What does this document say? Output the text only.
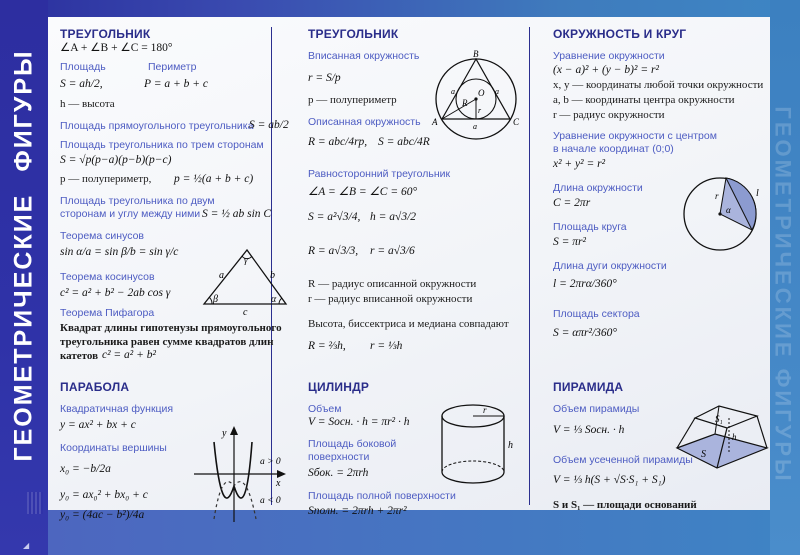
ГЕОМЕТРИЧЕСКИЕФИГУРЫ
◢
ГЕОМЕТРИЧЕСКИЕ ФИГУРЫ
ТРЕУГОЛЬНИК
∠A + ∠B + ∠C = 180°
Площадь	Периметр
S = ah/2,	P = a + b + c
h — высота
Площадь прямоугольного треугольника
S = ab/2
Площадь треугольника по трем сторонам
S = √p(p−a)(p−b)(p−c)
p — полупериметр, p = ½(a + b + c)
Площадь треугольника по двум
сторонам и углу между ними S = ½ ab sin C
Теорема синусов
sin α/a = sin β/b = sin γ/c
Теорема косинусов
c² = a² + b² − 2ab cos γ
Теорема Пифагора
Квадрат длины гипотенузы прямоугольного
треугольника равен сумме квадратов длин
катетов c² = a² + b²
a	b
c
β	α
γ
ПАРАБОЛА
Квадратичная функция
y = ax² + bx + c
Координаты вершины
x₀ = −b/2a
y₀ = ax₀² + bx₀ + c
y₀ = (4ac − b²)/4a
y
x
a > 0
a < 0
ТРЕУГОЛЬНИК
Вписанная окружность
r = S/p
p — полупериметр
Описанная окружность
R = abc/4rp, S = abc/4R
Равносторонний треугольник
∠A = ∠B = ∠C = 60°
S = a²√3/4, h = a√3/2
R = a√3/3, r = a√3/6
R — радиус описанной окружности
r — радиус вписанной окружности
Высота, биссектриса и медиана совпадают
R = ⅔h, r = ⅓h
B
A	C
O
R
r
a	a
a
ЦИЛИНДР
Объем
V = Sосн. · h = πr² · h
Площадь боковой
поверхности
Sбок. = 2πrh
Площадь полной поверхности
Sполн. = 2πrh + 2πr²
r
h
ОКРУЖНОСТЬ И КРУГ
Уравнение окружности
(x − a)² + (y − b)² = r²
x, y — координаты любой точки окружности
a, b — координаты центра окружности
r — радиус окружности
Уравнение окружности с центром
в начале координат (0;0)
x² + y² = r²
Длина окружности
C = 2πr
Площадь круга
S = πr²
Длина дуги окружности
l = 2πrα/360°
Площадь сектора
S = απr²/360°
r
α
l
ПИРАМИДА
Объем пирамиды
V = ⅓ Sосн. · h
Объем усеченной пирамиды
V = ⅓ h(S + √S·S₁ + S₁)
S и S₁ — площади оснований
S₁
h
S
